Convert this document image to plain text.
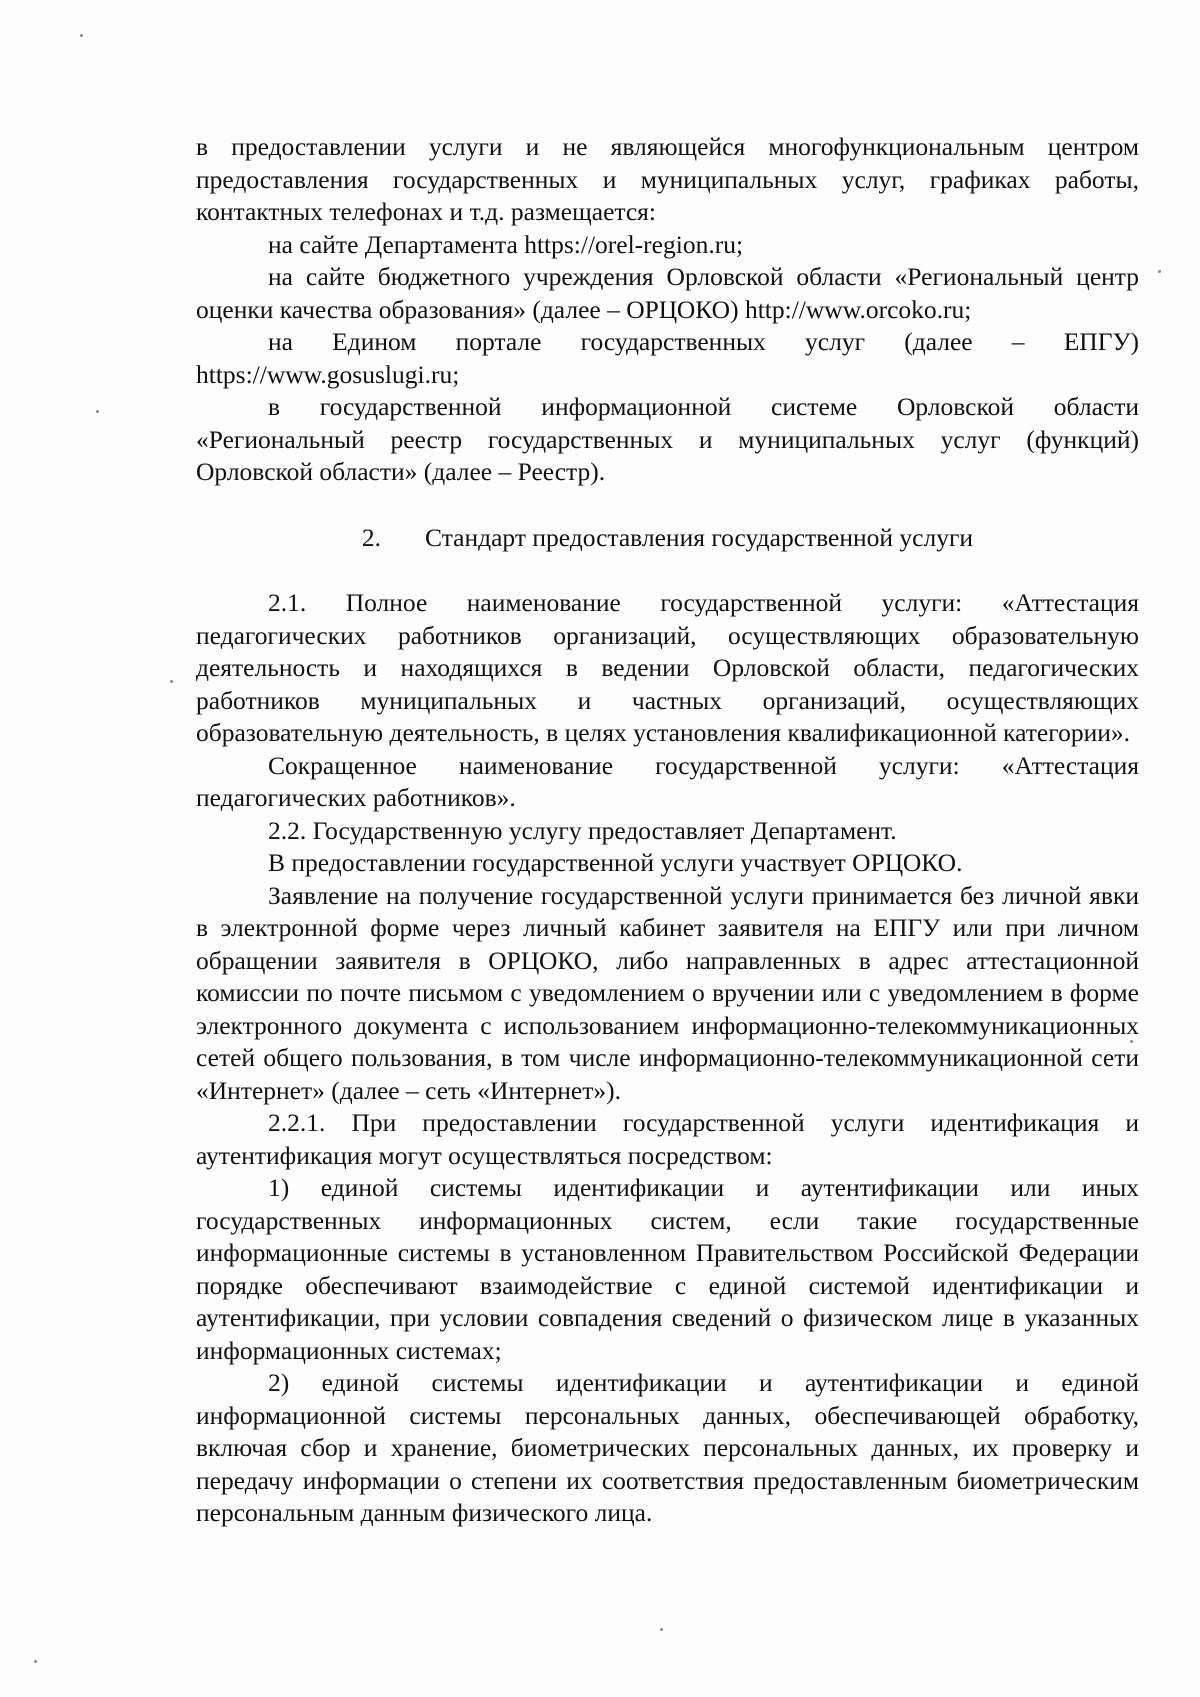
в предоставлении услуги и не являющейся многофункциональным центром предоставления государственных и муниципальных услуг, графиках работы, контактных телефонах и т.д. размещается:

на сайте Департамента https://orel-region.ru;

на сайте бюджетного учреждения Орловской области «Региональный центр оценки качества образования» (далее – ОРЦОКО) http://www.orcoko.ru;

на Едином портале государственных услуг (далее – ЕПГУ) https://www.gosuslugi.ru;

в государственной информационной системе Орловской области «Региональный реестр государственных и муниципальных услуг (функций) Орловской области» (далее – Реестр).

2. Стандарт предоставления государственной услуги

2.1. Полное наименование государственной услуги: «Аттестация педагогических работников организаций, осуществляющих образовательную деятельность и находящихся в ведении Орловской области, педагогических работников муниципальных и частных организаций, осуществляющих образовательную деятельность, в целях установления квалификационной категории».

Сокращенное наименование государственной услуги: «Аттестация педагогических работников».

2.2. Государственную услугу предоставляет Департамент.

В предоставлении государственной услуги участвует ОРЦОКО.

Заявление на получение государственной услуги принимается без личной явки в электронной форме через личный кабинет заявителя на ЕПГУ или при личном обращении заявителя в ОРЦОКО, либо направленных в адрес аттестационной комиссии по почте письмом с уведомлением о вручении или с уведомлением в форме электронного документа с использованием информационно-телекоммуникационных сетей общего пользования, в том числе информационно-телекоммуникационной сети «Интернет» (далее – сеть «Интернет»).

2.2.1. При предоставлении государственной услуги идентификация и аутентификация могут осуществляться посредством:

1) единой системы идентификации и аутентификации или иных государственных информационных систем, если такие государственные информационные системы в установленном Правительством Российской Федерации порядке обеспечивают взаимодействие с единой системой идентификации и аутентификации, при условии совпадения сведений о физическом лице в указанных информационных системах;

2) единой системы идентификации и аутентификации и единой информационной системы персональных данных, обеспечивающей обработку, включая сбор и хранение, биометрических персональных данных, их проверку и передачу информации о степени их соответствия предоставленным биометрическим персональным данным физического лица.
